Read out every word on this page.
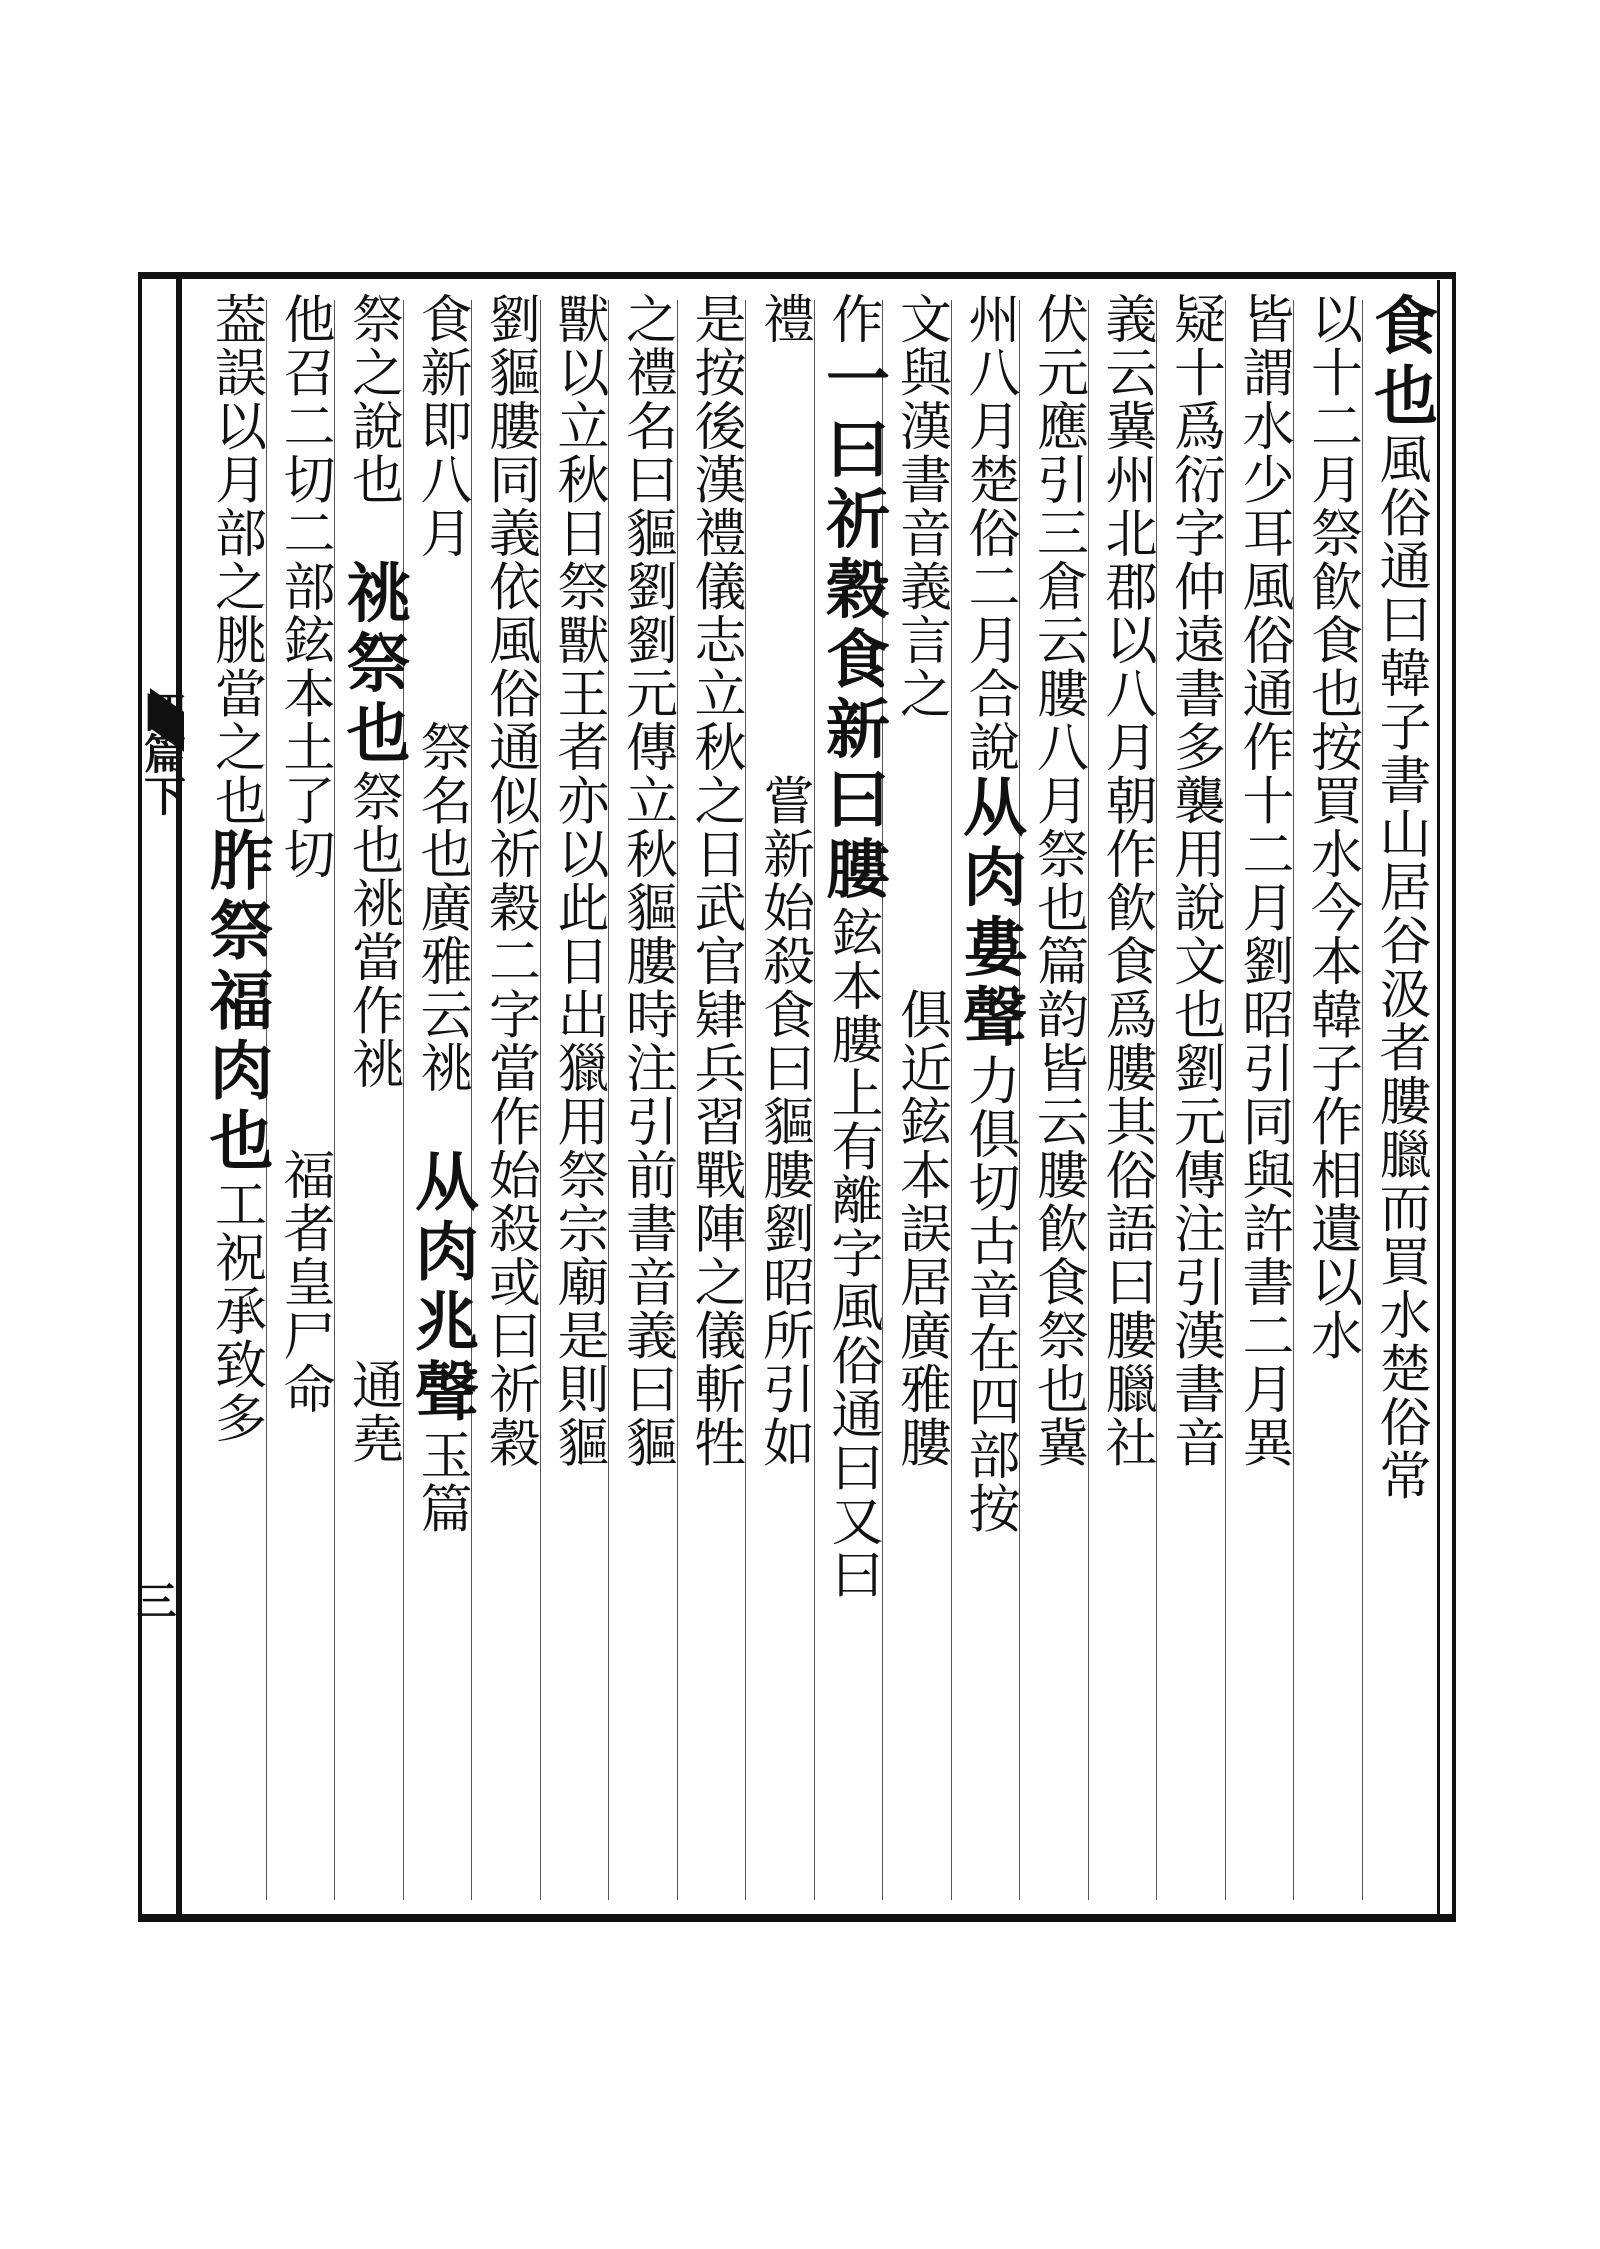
四篇下
三
食也風俗通曰韓子書山居谷汲者膢臘而買水楚俗常
以十二月祭飮食也按買水今本韓子作相遺以水
皆謂水少耳風俗通作十二月劉昭引同與許書二月異
疑十爲衍字仲遠書多襲用說文也劉元傳注引漢書音
義云冀州北郡以八月朝作飮食爲膢其俗語曰膢臘社
伏元應引三倉云膢八月祭也篇韵皆云膢飮食祭也冀
州八月楚俗二月合說从肉婁聲力俱切古音在四部按
文與漢書音義言之　　　　　俱近鉉本誤居廣雅膢
作一曰祈穀食新曰膢鉉本膢上有離字風俗通曰又曰
禮　　　　　　　　嘗新始殺食曰貙膢劉昭所引如
是按後漢禮儀志立秋之日武官肄兵習戰陣之儀斬牲
之禮名曰貙劉劉元傳立秋貙膢時注引前書音義曰貙
獸以立秋日祭獸王者亦以此日出獵用祭宗廟是則貙
劉貙膢同義依風俗通似祈穀二字當作始殺或曰祈穀
食新即八月　　　祭名也廣雅云祧　从肉兆聲玉篇
祭之說也　祧祭也祭也祧當作祧　　　　　通堯
他召二切二部鉉本土了切　　　　　福者皇尸命
葢誤以月部之朓當之也胙祭福肉也工祝承致多
